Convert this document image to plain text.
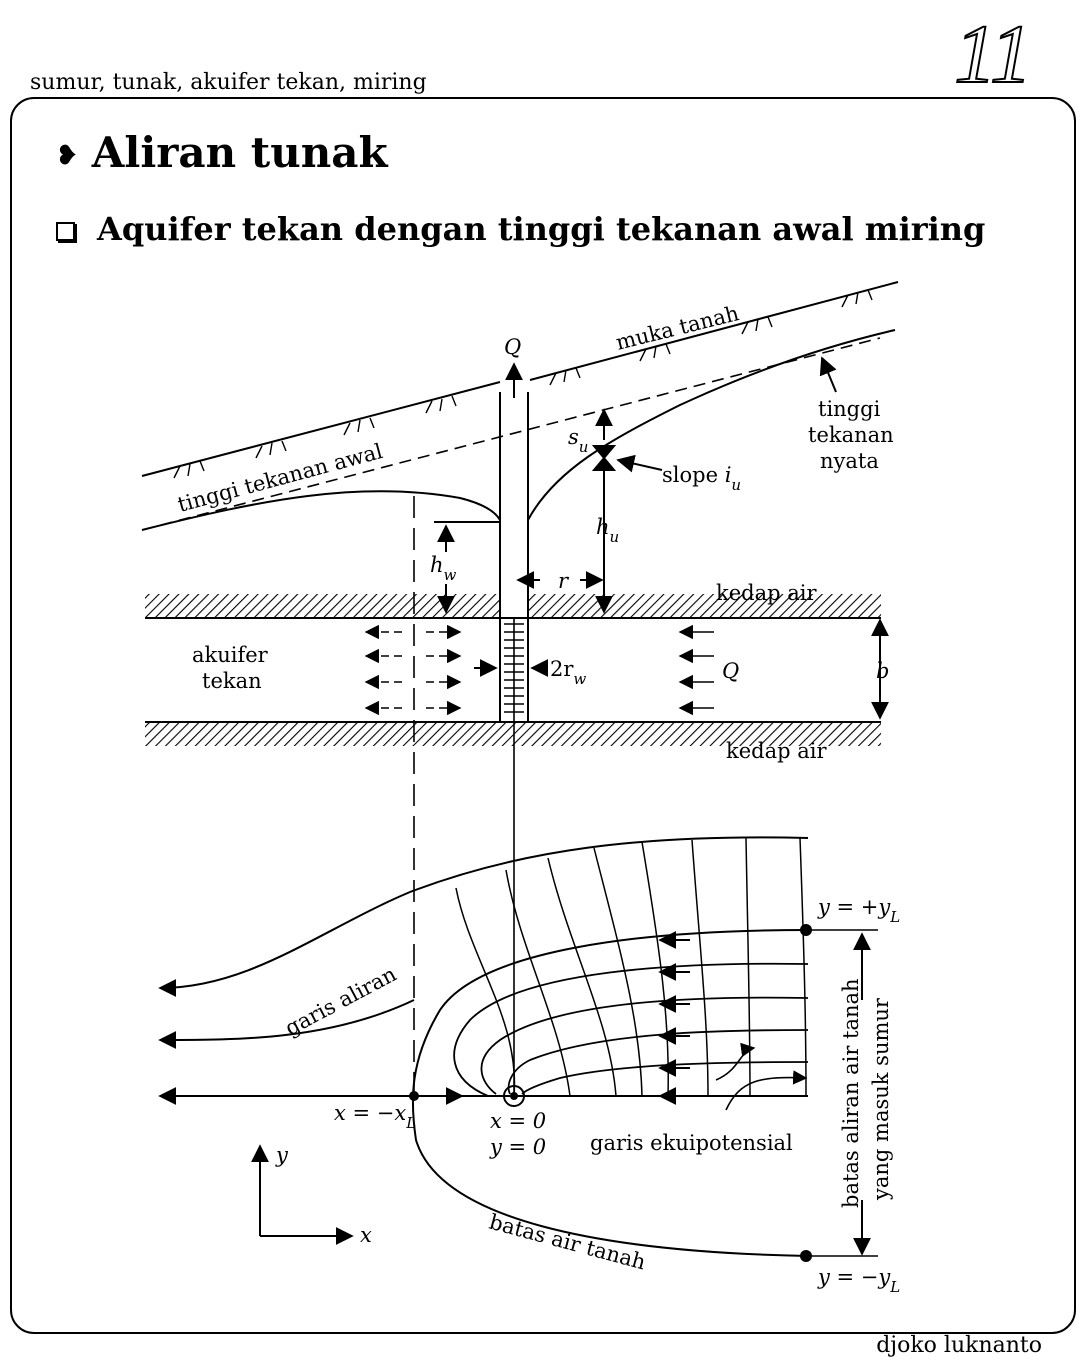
sumur, tunak, akuifer tekan, miring	11
❥ Aliran tunak
Aquifer tekan dengan tinggi tekanan awal miring
djoko luknanto
muka tanah
tinggi tekanan awal
tinggi
tekanan
nyata
slope $i_u$
Q
$s_u$
$h_u$
$h_w$	r
$2r_w$	b
akuifer
tekan
kedap air
kedap air
Q
garis aliran
garis ekuipotensial
batas air tanah
batas aliran air tanah yang masuk sumur
$x = -x_L$	x = 0
y = 0
$y = +y_L$
$y = -y_L$
y
x
